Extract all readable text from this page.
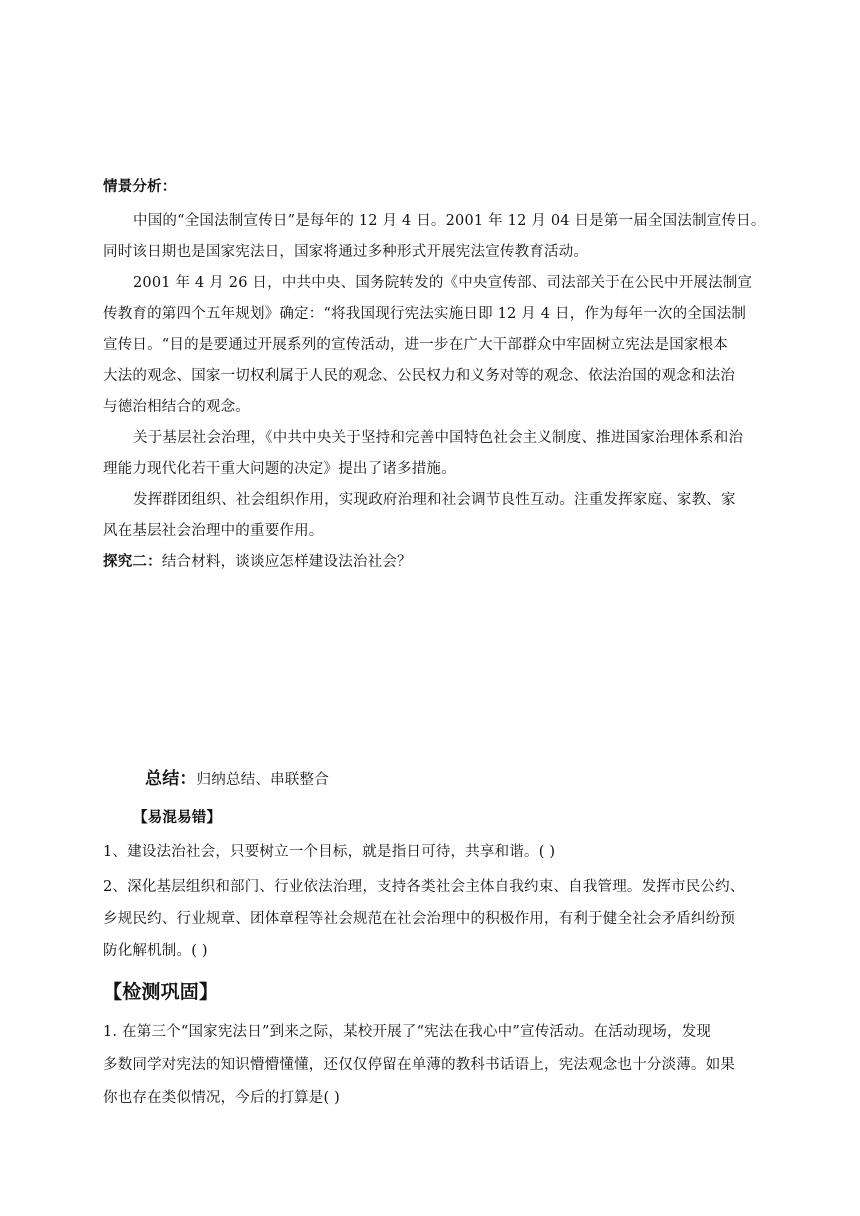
情景分析：
中国的“全国法制宣传日”是每年的 12 月 4 日。2001 年 12 月 04 日是第一届全国法制宣传日。
同时该日期也是国家宪法日，国家将通过多种形式开展宪法宣传教育活动。
2001 年 4 月 26 日，中共中央、国务院转发的《中央宣传部、司法部关于在公民中开展法制宣
传教育的第四个五年规划》确定：“将我国现行宪法实施日即 12 月 4 日，作为每年一次的全国法制
宣传日。“目的是要通过开展系列的宣传活动，进一步在广大干部群众中牢固树立宪法是国家根本
大法的观念、国家一切权利属于人民的观念、公民权力和义务对等的观念、依法治国的观念和法治
与德治相结合的观念。
关于基层社会治理，《中共中央关于坚持和完善中国特色社会主义制度、推进国家治理体系和治
理能力现代化若干重大问题的决定》提出了诸多措施。
发挥群团组织、社会组织作用，实现政府治理和社会调节良性互动。注重发挥家庭、家教、家
风在基层社会治理中的重要作用。
探究二：结合材料，谈谈应怎样建设法治社会？
总结：归纳总结、串联整合
【易混易错】
1、建设法治社会，只要树立一个目标，就是指日可待，共享和谐。( )
2、深化基层组织和部门、行业依法治理，支持各类社会主体自我约束、自我管理。发挥市民公约、
乡规民约、行业规章、团体章程等社会规范在社会治理中的积极作用，有利于健全社会矛盾纠纷预
防化解机制。( )
【检测巩固】
1. 在第三个“国家宪法日”到来之际，某校开展了“宪法在我心中”宣传活动。在活动现场，发现
多数同学对宪法的知识懵懵懂懂，还仅仅停留在单薄的教科书话语上，宪法观念也十分淡薄。如果
你也存在类似情况，今后的打算是( )
